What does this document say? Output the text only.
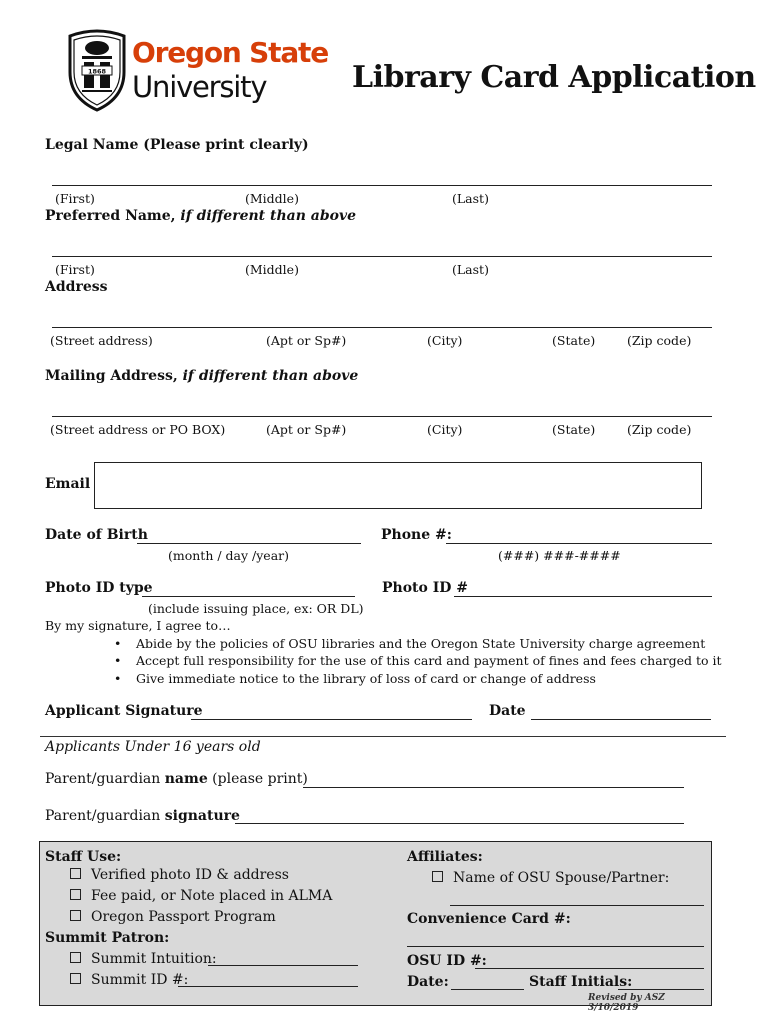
1868
Oregon State
University	Library Card Application
Legal Name (Please print clearly)
(First)	(Middle)	(Last)
Preferred Name, if different than above
(First)	(Middle)	(Last)
Address
(Street address)	(Apt or Sp#)	(City)	(State)	(Zip code)
Mailing Address, if different than above
(Street address or PO BOX)	(Apt or Sp#)	(City)	(State)	(Zip code)
Email
Date of Birth
(month / day /year)
Phone #:
(###) ###-####
Photo ID type
(include issuing place, ex: OR DL)
Photo ID #
By my signature, I agree to…
• Abide by the policies of OSU libraries and the Oregon State University charge agreement
• Accept full responsibility for the use of this card and payment of fines and fees charged to it
• Give immediate notice to the library of loss of card or change of address
Applicant Signature	Date
Applicants Under 16 years old
Parent/guardian name (please print)
Parent/guardian signature
Staff Use:
Verified photo ID & address
Fee paid, or Note placed in ALMA
Oregon Passport Program
Summit Patron:
Summit Intuition:
Summit ID #:
Affiliates:
Name of OSU Spouse/Partner:
Convenience Card #:
OSU ID #:
Date:	Staff Initials:
Revised by ASZ 3/10/2019
